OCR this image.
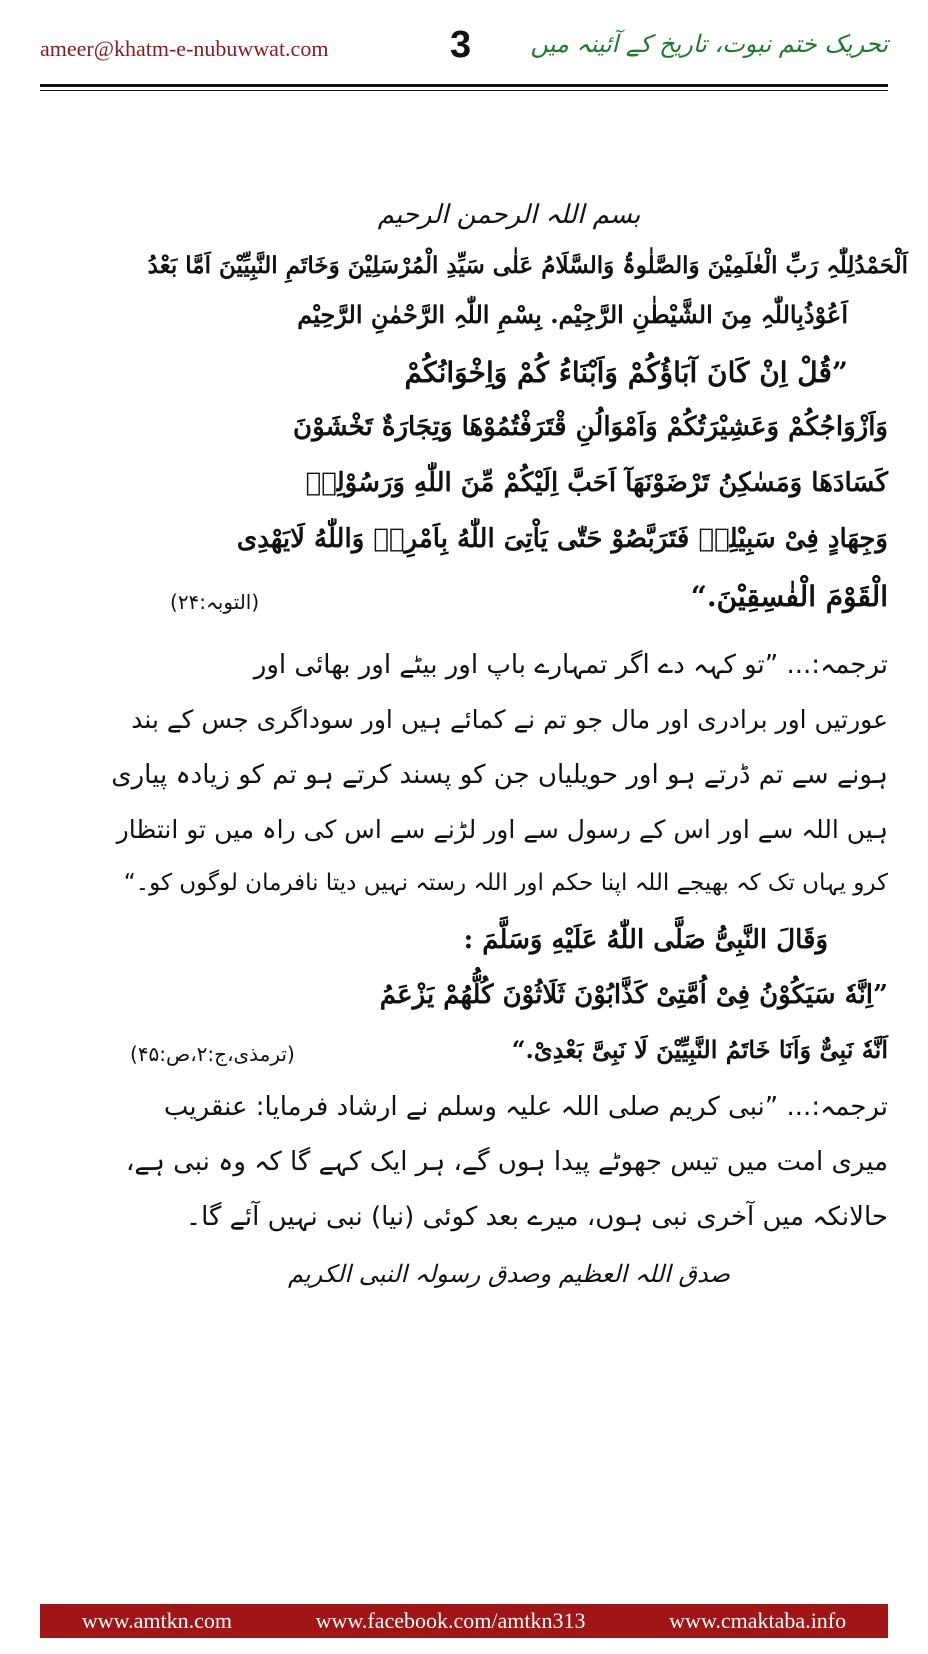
ameer@khatm-e-nubuwwat.com	3 تحریک ختم نبوت، تاریخ کے آئینہ میں
بسم اللہ الرحمن الرحیم
اَلْحَمْدُلِلّٰہِ رَبِّ الْعٰلَمِیْنَ وَالصَّلٰوۃُ وَالسَّلَامُ عَلٰی سَیِّدِ الْمُرْسَلِیْنَ وَخَاتَمِ النَّبِیِّیْنَ اَمَّا بَعْدُ
اَعُوْذُبِاللّٰہِ مِنَ الشَّیْطٰنِ الرَّجِیْم. بِسْمِ اللّٰہِ الرَّحْمٰنِ الرَّحِیْم
”قُلْ اِنْ کَانَ آبَاؤُکُمْ وَاَبْنَاءُ کُمْ وَاِخْوَانُکُمْ
وَاَزْوَاجُکُمْ وَعَشِیْرَتُکُمْ وَاَمْوَالُنِ قْتَرَفْتُمُوْهَا وَتِجَارَةٌ تَخْشَوْنَ
کَسَادَهَا وَمَسٰکِنُ تَرْضَوْنَهَآ اَحَبَّ اِلَیْکُمْ مِّنَ اللّٰهِ وَرَسُوْلِهٖ
وَجِهَادٍ فِیْ سَبِیْلِهٖ فَتَرَبَّصُوْ حَتّٰی یَاْتِیَ اللّٰهُ بِاَمْرِهٖ وَاللّٰهُ لَایَهْدِی
الْقَوْمَ الْفٰسِقِیْنَ.“
(التوبہ:۲۴)
ترجمہ:... ”تو کہہ دے اگر تمہارے باپ اور بیٹے اور بھائی اور
عورتیں اور برادری اور مال جو تم نے کمائے ہیں اور سوداگری جس کے بند
ہونے سے تم ڈرتے ہو اور حویلیاں جن کو پسند کرتے ہو تم کو زیادہ پیاری
ہیں اللہ سے اور اس کے رسول سے اور لڑنے سے اس کی راہ میں تو انتظار
کرو یہاں تک کہ بھیجے اللہ اپنا حکم اور اللہ رستہ نہیں دیتا نافرمان لوگوں کو۔“
وَقَالَ النَّبِیُّ صَلَّی اللّٰهُ عَلَیْهِ وَسَلَّمَ :
”اِنَّهٗ سَیَکُوْنُ فِیْ اُمَّتِیْ کَذَّابُوْنَ ثَلَاثُوْنَ کُلُّهُمْ یَزْعَمُ
اَنَّهٗ نَبِیٌّ وَاَنَا خَاتَمُ النَّبِیِّیْنَ لَا نَبِیَّ بَعْدِیْ.“
(ترمذی،ج:۲،ص:۴۵)
ترجمہ:... ”نبی کریم صلی اللہ علیہ وسلم نے ارشاد فرمایا: عنقریب
میری امت میں تیس جھوٹے پیدا ہوں گے، ہر ایک کہے گا کہ وہ نبی ہے،
حالانکہ میں آخری نبی ہوں، میرے بعد کوئی (نیا) نبی نہیں آئے گا۔
صدق اللہ العظیم وصدق رسولہ النبی الکریم
www.amtkn.com	www.facebook.com/amtkn313	www.cmaktaba.info
